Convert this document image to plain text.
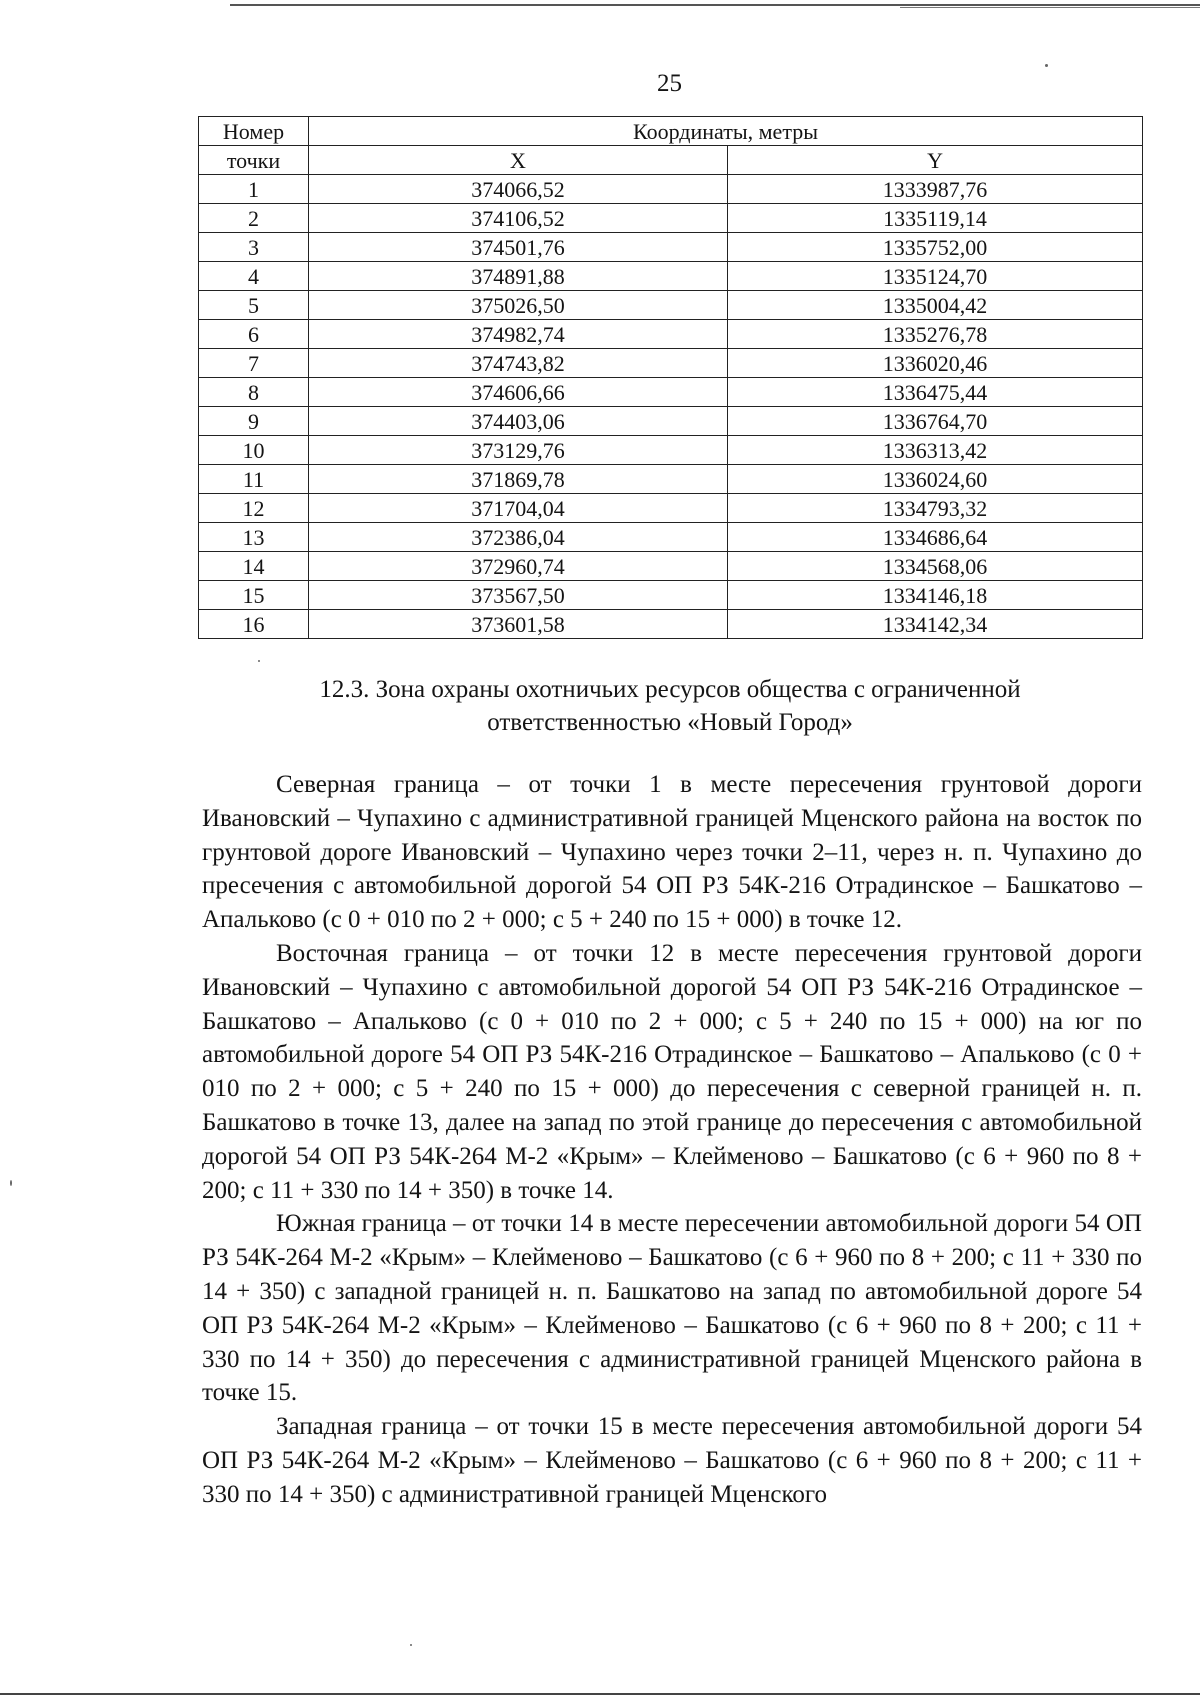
25
Номер	Координаты, метры	
точки	X	Y
1	374066,52	1333987,76
2	374106,52	1335119,14
3	374501,76	1335752,00
4	374891,88	1335124,70
5	375026,50	1335004,42
6	374982,74	1335276,78
7	374743,82	1336020,46
8	374606,66	1336475,44
9	374403,06	1336764,70
10	373129,76	1336313,42
11	371869,78	1336024,60
12	371704,04	1334793,32
13	372386,04	1334686,64
14	372960,74	1334568,06
15	373567,50	1334146,18
16	373601,58	1334142,34
12.3. Зона охраны охотничьих ресурсов общества с ограниченной
ответственностью «Новый Город»

Северная граница – от точки 1 в месте пересечения грунтовой дороги Ивановский – Чупахино с административной границей Мценского района на восток по грунтовой дороге Ивановский – Чупахино через точки 2–11, через н. п. Чупахино до пресечения с автомобильной дорогой 54 ОП РЗ 54К-216 Отрадинское – Башкатово – Апальково (с 0 + 010 по 2 + 000; с 5 + 240 по 15 + 000) в точке 12.

Восточная граница – от точки 12 в месте пересечения грунтовой дороги Ивановский – Чупахино с автомобильной дорогой 54 ОП РЗ 54К-216 Отрадинское – Башкатово – Апальково (с 0 + 010 по 2 + 000; с 5 + 240 по 15 + 000) на юг по автомобильной дороге 54 ОП РЗ 54К-216 Отрадинское – Башкатово – Апальково (с 0 + 010 по 2 + 000; с 5 + 240 по 15 + 000) до пересечения с северной границей н. п. Башкатово в точке 13, далее на запад по этой границе до пересечения с автомобильной дорогой 54 ОП РЗ 54К-264 М-2 «Крым» – Клейменово – Башкатово (с 6 + 960 по 8 + 200; с 11 + 330 по 14 + 350) в точке 14.

Южная граница – от точки 14 в месте пересечении автомобильной дороги 54 ОП РЗ 54К-264 М-2 «Крым» – Клейменово – Башкатово (с 6 + 960 по 8 + 200; с 11 + 330 по 14 + 350) с западной границей н. п. Башкатово на запад по автомобильной дороге 54 ОП РЗ 54К-264 М-2 «Крым» – Клейменово – Башкатово (с 6 + 960 по 8 + 200; с 11 + 330 по 14 + 350) до пересечения с административной границей Мценского района в точке 15.

Западная граница – от точки 15 в месте пересечения автомобильной дороги 54 ОП РЗ 54К-264 М-2 «Крым» – Клейменово – Башкатово (с 6 + 960 по 8 + 200; с 11 + 330 по 14 + 350) с административной границей Мценского
